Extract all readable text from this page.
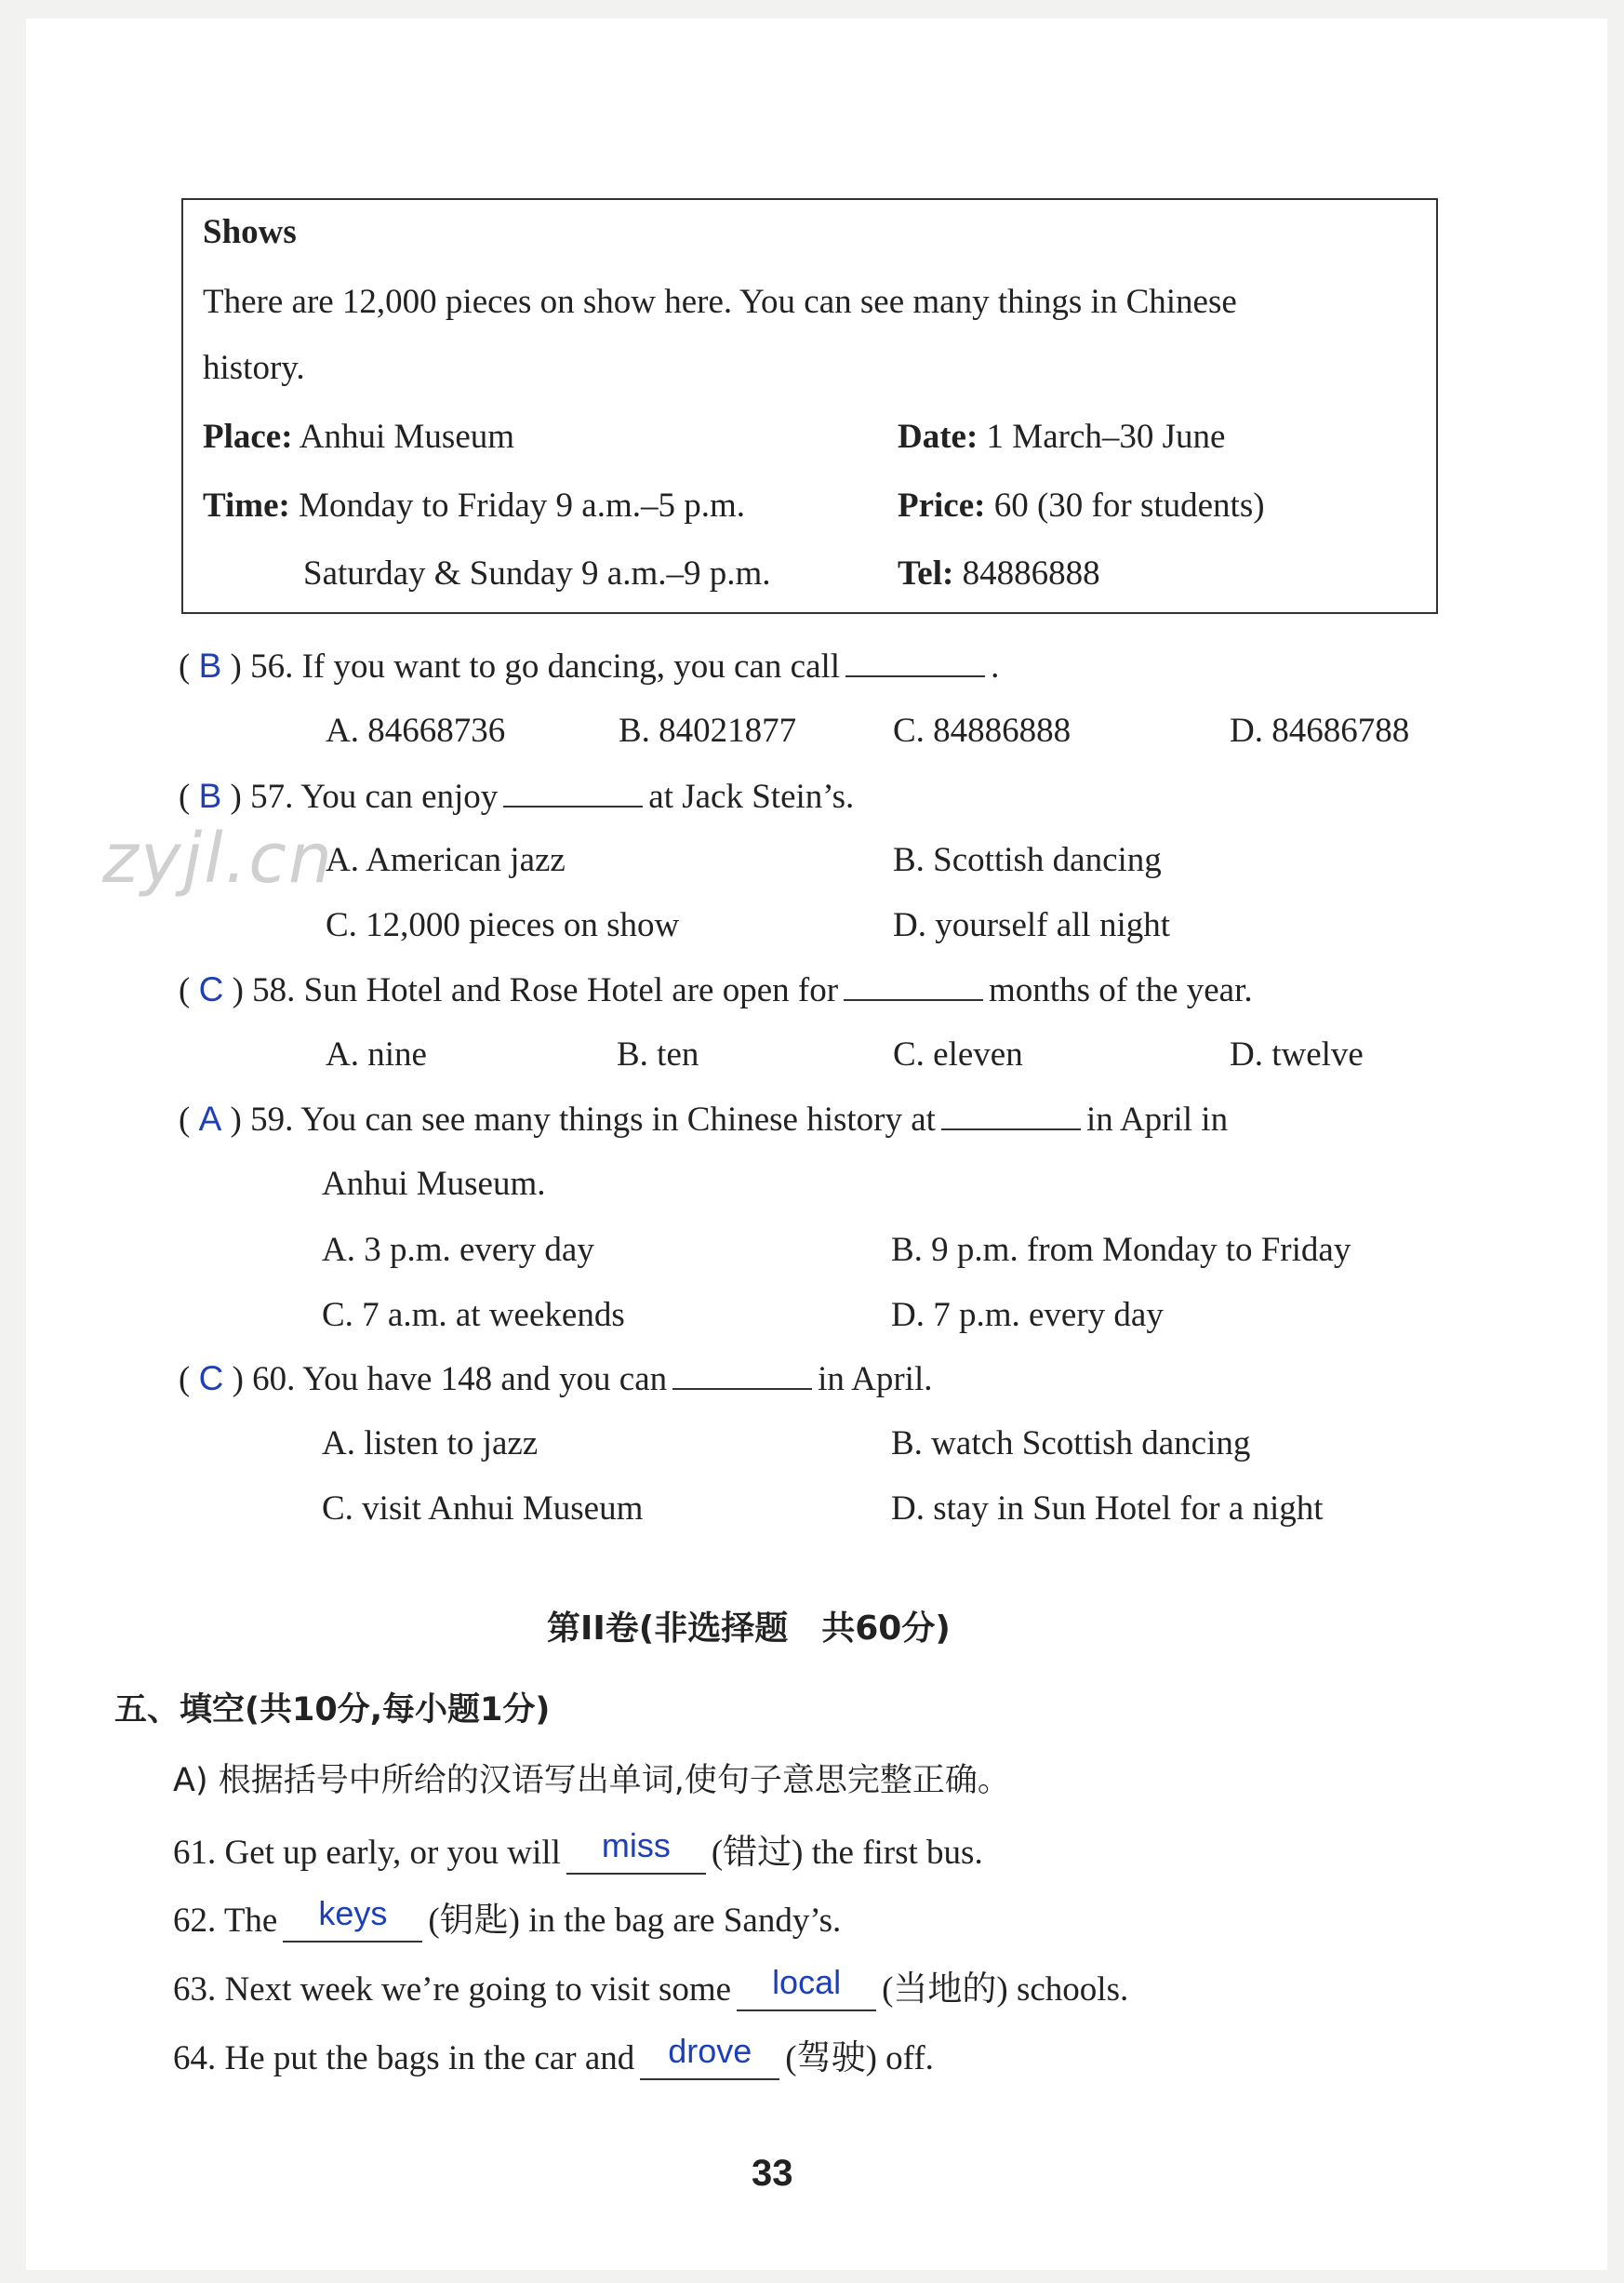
Shows
There are 12,000 pieces on show here. You can see many things in Chinese
history.
Place: Anhui Museum	Date: 1 March–30 June
Time: Monday to Friday 9 a.m.–5 p.m.	Price: 60 (30 for students)
Saturday & Sunday 9 a.m.–9 p.m.	Tel: 84886888
( B ) 56. If you want to go dancing, you can call	.
A. 84668736	B. 84021877	C. 84886888	D. 84686788
( B ) 57. You can enjoy	at Jack Stein’s.
A. American jazz	B. Scottish dancing
C. 12,000 pieces on show	D. yourself all night
zyjl.cn
( C ) 58. Sun Hotel and Rose Hotel are open for	months of the year.
A. nine	B. ten	C. eleven	D. twelve
( A ) 59. You can see many things in Chinese history at	in April in
Anhui Museum.
A. 3 p.m. every day	B. 9 p.m. from Monday to Friday
C. 7 a.m. at weekends	D. 7 p.m. every day
( C ) 60. You have 148 and you can	in April.
A. listen to jazz	B. watch Scottish dancing
C. visit Anhui Museum	D. stay in Sun Hotel for a night
第II卷(非选择题　共60分)
五、填空(共10分,每小题1分)
A) 根据括号中所给的汉语写出单词,使句子意思完整正确。
61. Get up early, or you will	miss	(错过) the first bus.
62. The	keys	(钥匙) in the bag are Sandy’s.
63. Next week we’re going to visit some	local	(当地的) schools.
64. He put the bags in the car and drove (驾驶) off.
33
